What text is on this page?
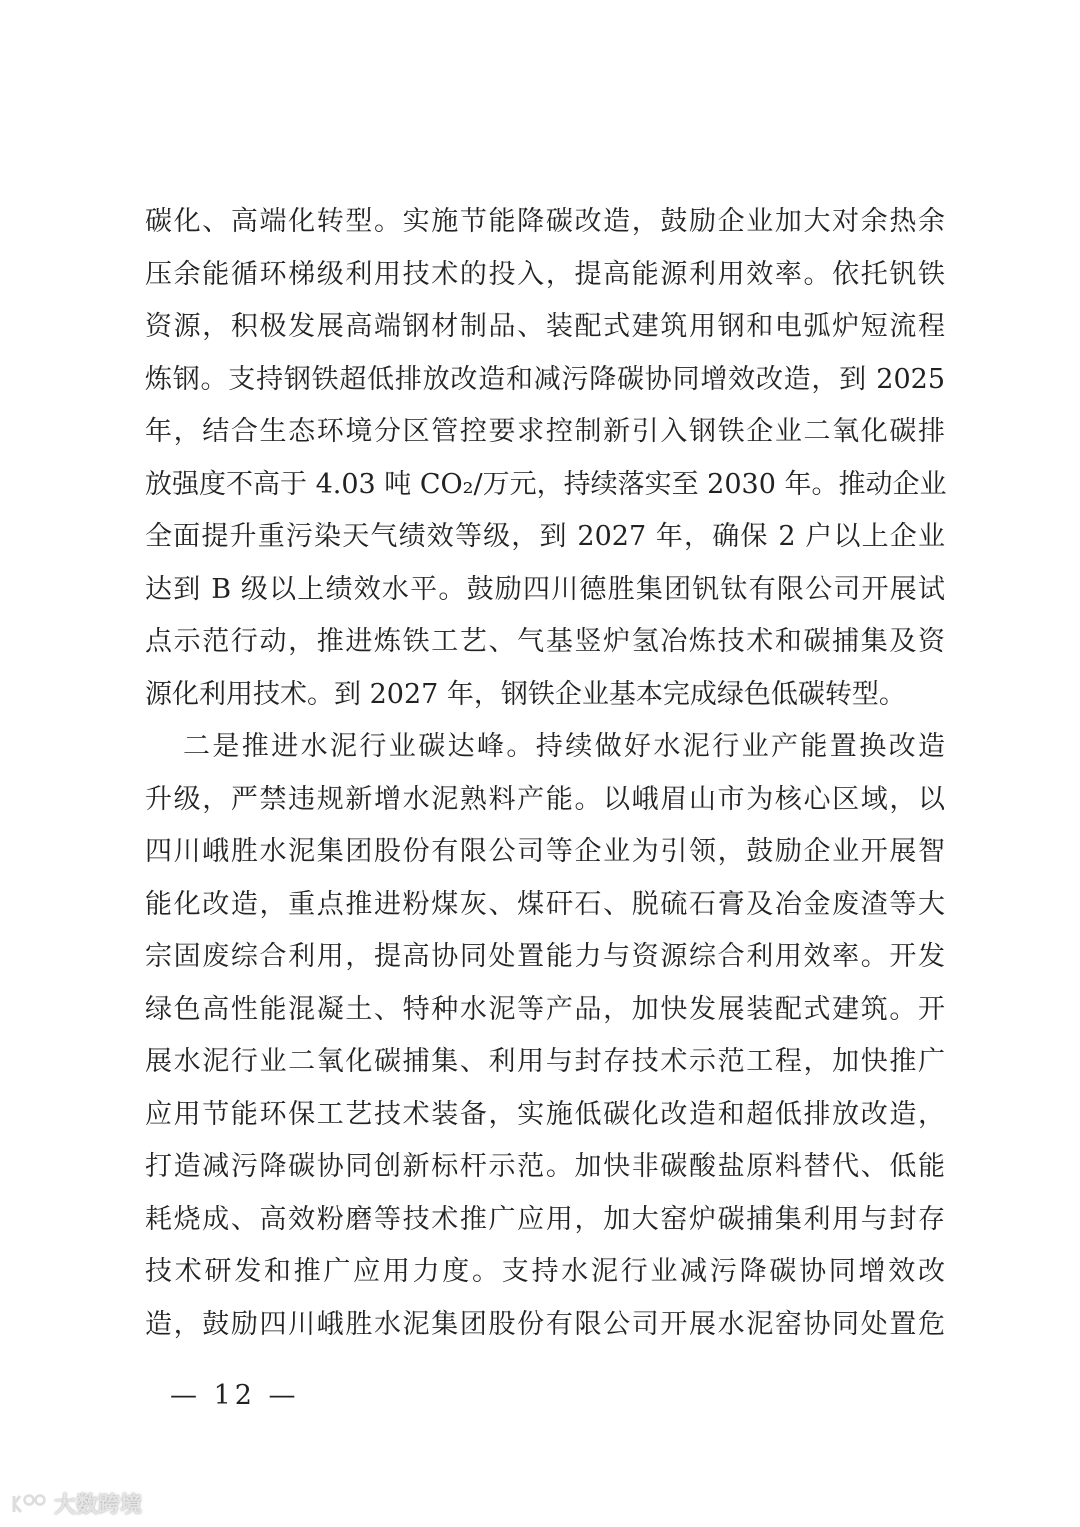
碳化、高端化转型。实施节能降碳改造，鼓励企业加大对余热余
压余能循环梯级利用技术的投入，提高能源利用效率。依托钒铁
资源，积极发展高端钢材制品、装配式建筑用钢和电弧炉短流程
炼钢。支持钢铁超低排放改造和减污降碳协同增效改造，到 2025
年，结合生态环境分区管控要求控制新引入钢铁企业二氧化碳排
放强度不高于 4.03 吨 CO₂/万元，持续落实至 2030 年。推动企业
全面提升重污染天气绩效等级，到 2027 年，确保 2 户以上企业
达到 B 级以上绩效水平。鼓励四川德胜集团钒钛有限公司开展试
点示范行动，推进炼铁工艺、气基竖炉氢冶炼技术和碳捕集及资
源化利用技术。到 2027 年，钢铁企业基本完成绿色低碳转型。
二是推进水泥行业碳达峰。持续做好水泥行业产能置换改造
升级，严禁违规新增水泥熟料产能。以峨眉山市为核心区域，以
四川峨胜水泥集团股份有限公司等企业为引领，鼓励企业开展智
能化改造，重点推进粉煤灰、煤矸石、脱硫石膏及冶金废渣等大
宗固废综合利用，提高协同处置能力与资源综合利用效率。开发
绿色高性能混凝土、特种水泥等产品，加快发展装配式建筑。开
展水泥行业二氧化碳捕集、利用与封存技术示范工程，加快推广
应用节能环保工艺技术装备，实施低碳化改造和超低排放改造，
打造减污降碳协同创新标杆示范。加快非碳酸盐原料替代、低能
耗烧成、高效粉磨等技术推广应用，加大窑炉碳捕集利用与封存
技术研发和推广应用力度。支持水泥行业减污降碳协同增效改
造，鼓励四川峨胜水泥集团股份有限公司开展水泥窑协同处置危
— 12 —
大数跨境
